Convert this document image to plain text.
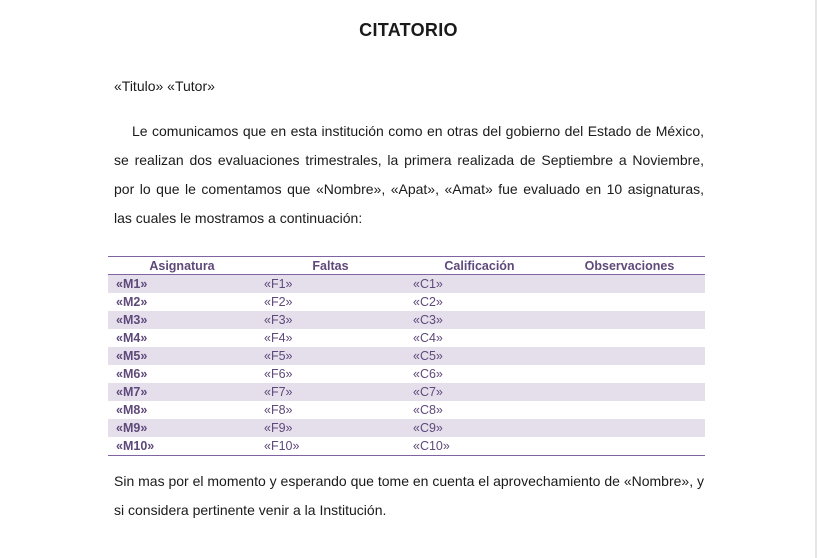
CITATORIO
«Titulo» «Tutor»
Le comunicamos que en esta institución como en otras del gobierno del Estado de México, se realizan dos evaluaciones trimestrales, la primera realizada de Septiembre a Noviembre, por lo que le comentamos que «Nombre», «Apat», «Amat» fue evaluado en 10 asignaturas, las cuales le mostramos a continuación:
Asignatura	Faltas	Calificación	Observaciones
«M1»	«F1»	«C1»	
«M2»	«F2»	«C2»	
«M3»	«F3»	«C3»	
«M4»	«F4»	«C4»	
«M5»	«F5»	«C5»	
«M6»	«F6»	«C6»	
«M7»	«F7»	«C7»	
«M8»	«F8»	«C8»	
«M9»	«F9»	«C9»	
«M10»	«F10»	«C10»	
Sin mas por el momento y esperando que tome en cuenta el aprovechamiento de «Nombre», y si considera pertinente venir a la Institución.
